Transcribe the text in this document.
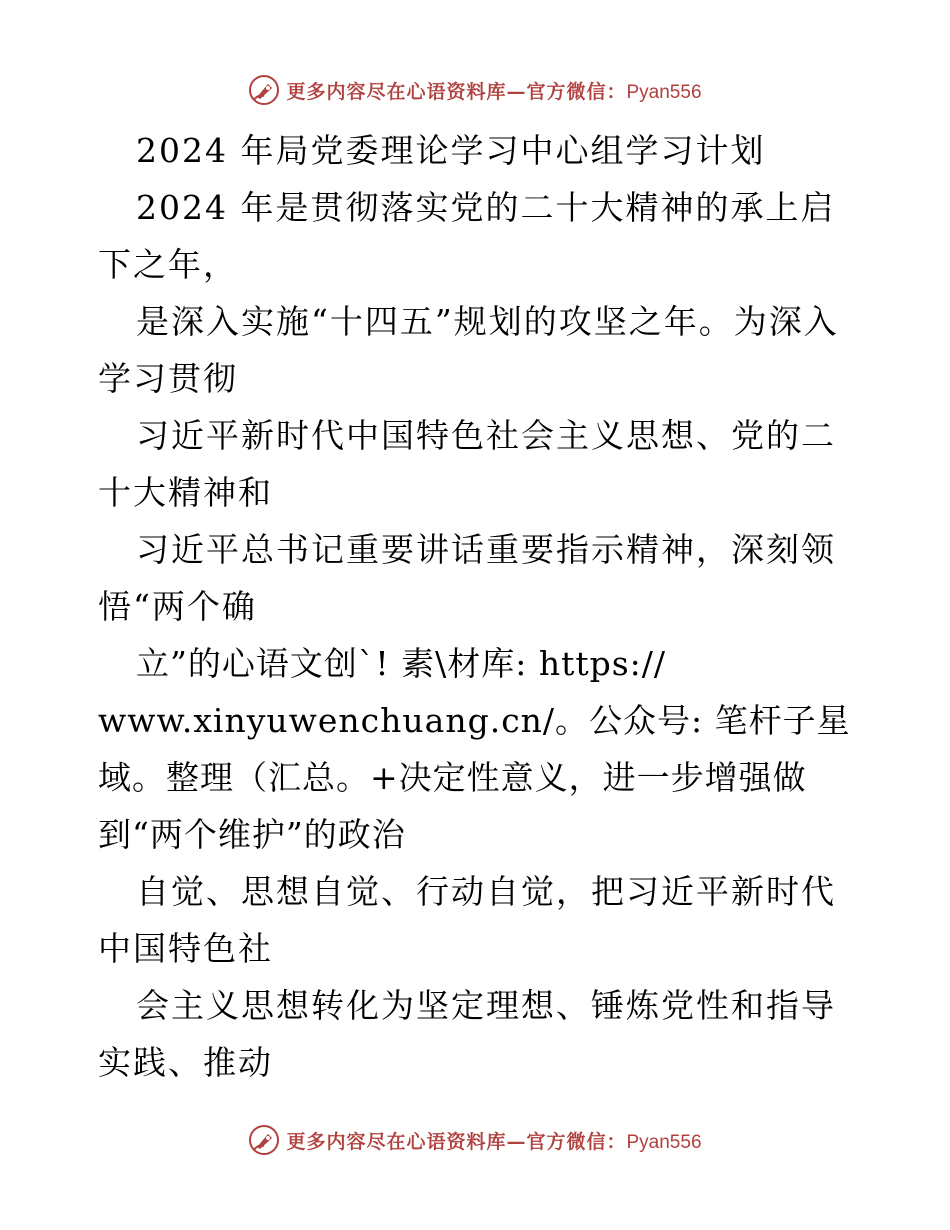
更多内容尽在心语资料库—官方微信：Pyan556

2024 年局党委理论学习中心组学习计划

2024 年是贯彻落实党的二十大精神的承上启下之年，

是深入实施“十四五”规划的攻坚之年。为深入学习贯彻

习近平新时代中国特色社会主义思想、党的二十大精神和

习近平总书记重要讲话重要指示精神，深刻领悟“两个确

立”的心语文创`! 素\材库: https://

www.xinyuwenchuang.cn/。公众号: 笔杆子星域。整理（汇总。+决定性意义，进一步增强做到“两个维护”的政治

自觉、思想自觉、行动自觉，把习近平新时代中国特色社

会主义思想转化为坚定理想、锤炼党性和指导实践、推动

更多内容尽在心语资料库—官方微信：Pyan556
